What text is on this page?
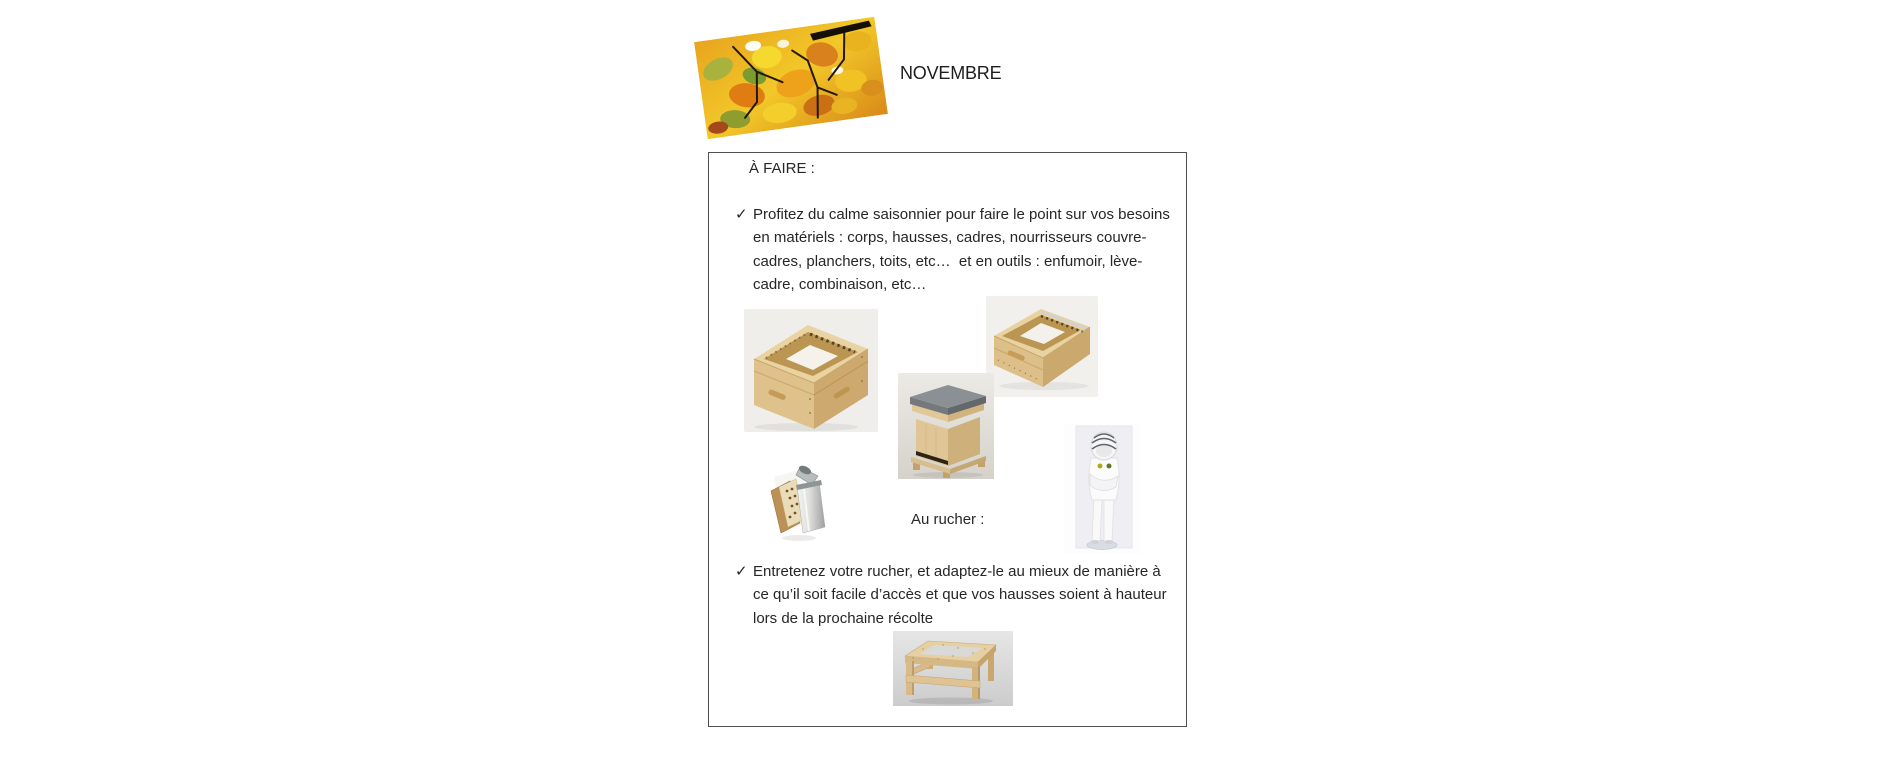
NOVEMBRE
À FAIRE :
✓ Profitez du calme saisonnier pour faire le point sur vos besoins
en matériels : corps, hausses, cadres, nourrisseurs couvre-
cadres, planchers, toits, etc…  et en outils : enfumoir, lève-
cadre, combinaison, etc…
Au rucher :
✓ Entretenez votre rucher, et adaptez-le au mieux de manière à
ce qu’il soit facile d’accès et que vos hausses soient à hauteur
lors de la prochaine récolte
